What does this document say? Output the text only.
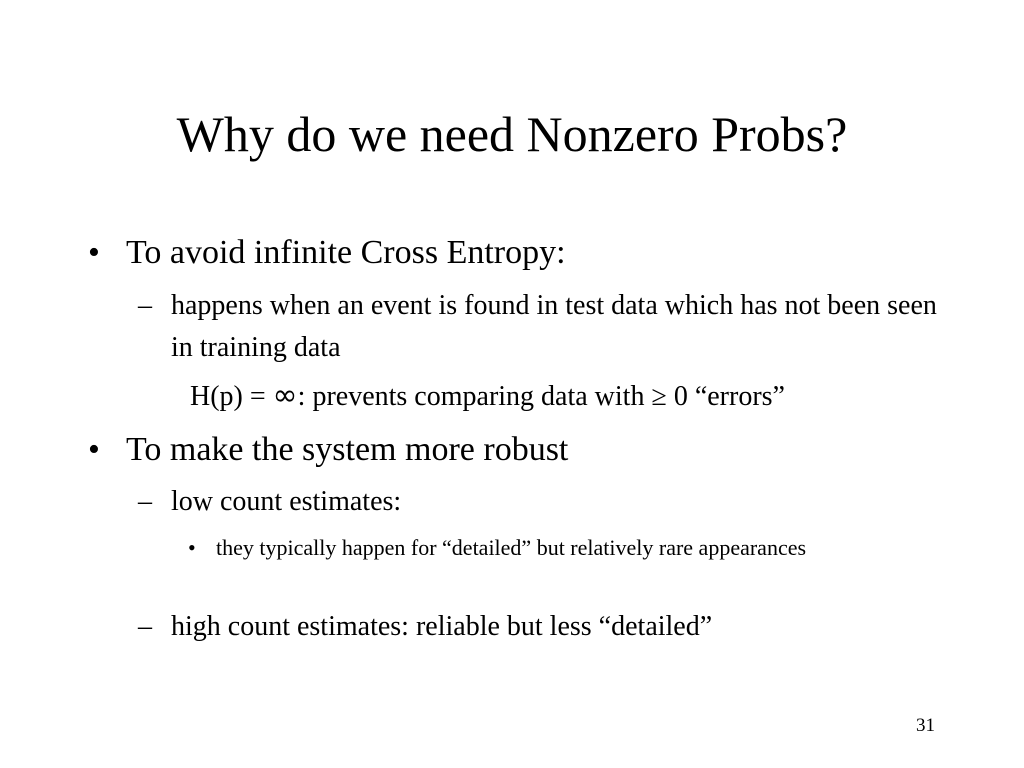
Why do we need Nonzero Probs?
• To avoid infinite Cross Entropy:
– happens when an event is found in test data which has not been seen in training data
H(p) = ∞: prevents comparing data with ≥ 0 “errors”
• To make the system more robust
– low count estimates:
• they typically happen for “detailed” but relatively rare appearances
– high count estimates: reliable but less “detailed”
31
